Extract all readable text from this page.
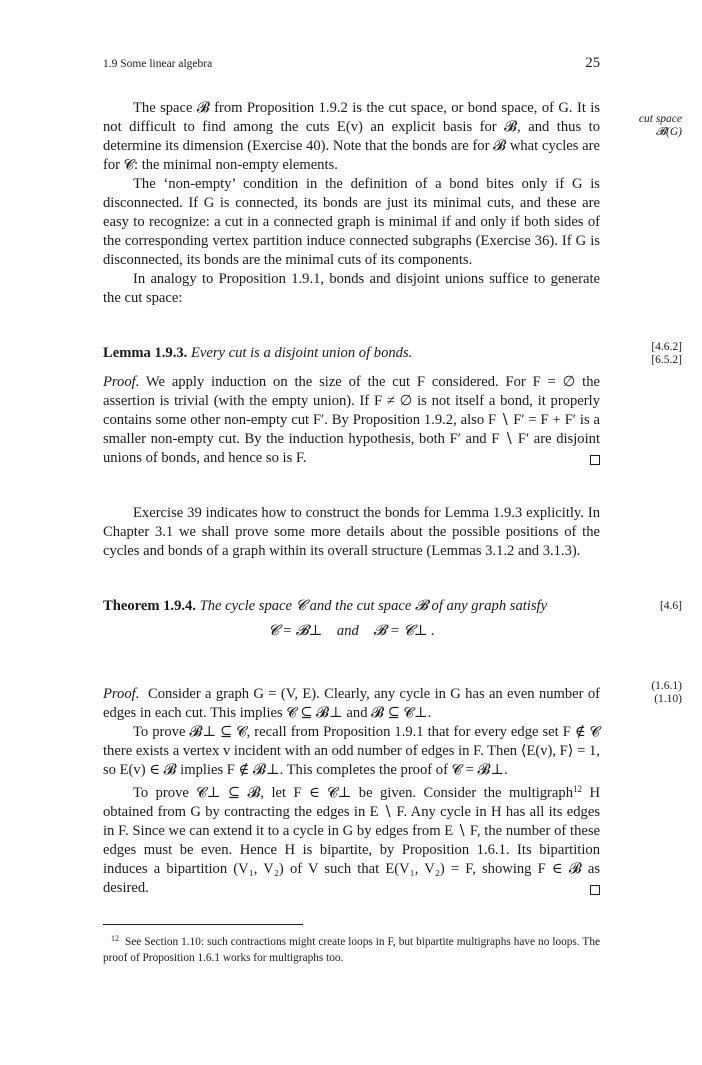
1.9 Some linear algebra	25
cut space
𝓑(G)
[4.6.2]
[6.5.2]
[4.6]
(1.6.1)
(1.10)

The space 𝓑 from Proposition 1.9.2 is the cut space, or bond space, of G. It is not difficult to find among the cuts E(v) an explicit basis for 𝓑, and thus to determine its dimension (Exercise 40). Note that the bonds are for 𝓑 what cycles are for 𝓒: the minimal non-empty elements.

The ‘non-empty’ condition in the definition of a bond bites only if G is disconnected. If G is connected, its bonds are just its minimal cuts, and these are easy to recognize: a cut in a connected graph is minimal if and only if both sides of the corresponding vertex partition induce connected subgraphs (Exercise 36). If G is disconnected, its bonds are the minimal cuts of its components.

In analogy to Proposition 1.9.1, bonds and disjoint unions suffice to generate the cut space:

Lemma 1.9.3. Every cut is a disjoint union of bonds.

Proof. We apply induction on the size of the cut F considered. For F = ∅ the assertion is trivial (with the empty union). If F ≠ ∅ is not itself a bond, it properly contains some other non-empty cut F′. By Proposition 1.9.2, also F ∖ F′ = F + F′ is a smaller non-empty cut. By the induction hypothesis, both F′ and F ∖ F′ are disjoint unions of bonds, and hence so is F.

Exercise 39 indicates how to construct the bonds for Lemma 1.9.3 explicitly. In Chapter 3.1 we shall prove some more details about the possible positions of the cycles and bonds of a graph within its overall structure (Lemmas 3.1.2 and 3.1.3).

Theorem 1.9.4. The cycle space 𝓒 and the cut space 𝓑 of any graph satisfy

𝓒 = 𝓑⊥ and 𝓑 = 𝓒⊥ .

Proof. Consider a graph G = (V, E). Clearly, any cycle in G has an even number of edges in each cut. This implies 𝓒 ⊆ 𝓑⊥ and 𝓑 ⊆ 𝓒⊥.

To prove 𝓑⊥ ⊆ 𝓒, recall from Proposition 1.9.1 that for every edge set F ∉ 𝓒 there exists a vertex v incident with an odd number of edges in F. Then ⟨E(v), F⟩ = 1, so E(v) ∈ 𝓑 implies F ∉ 𝓑⊥. This completes the proof of 𝓒 = 𝓑⊥.

To prove 𝓒⊥ ⊆ 𝓑, let F ∈ 𝓒⊥ be given. Consider the multigraph$^{12}$ H obtained from G by contracting the edges in E ∖ F. Any cycle in H has all its edges in F. Since we can extend it to a cycle in G by edges from E ∖ F, the number of these edges must be even. Hence H is bipartite, by Proposition 1.6.1. Its bipartition induces a bipartition (V₁, V₂) of V such that E(V₁, V₂) = F, showing F ∈ 𝓑 as desired.

$^{12}$ See Section 1.10: such contractions might create loops in F, but bipartite multigraphs have no loops. The proof of Proposition 1.6.1 works for multigraphs too.
